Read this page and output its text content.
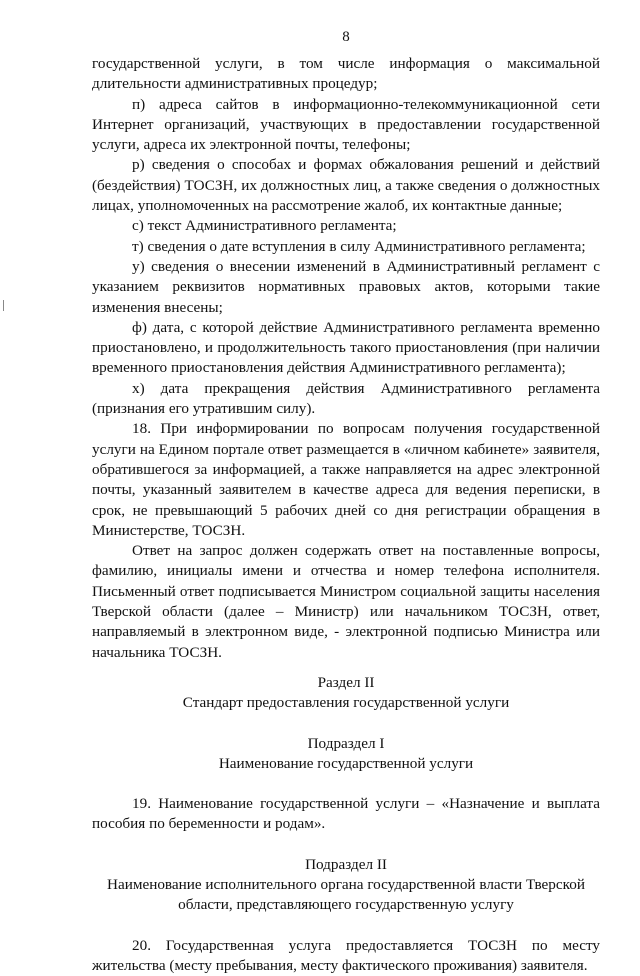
8

государственной услуги, в том числе информация о максимальной длительности административных процедур;

п) адреса сайтов в информационно-телекоммуникационной сети Интернет организаций, участвующих в предоставлении государственной услуги, адреса их электронной почты, телефоны;

р) сведения о способах и формах обжалования решений и действий (бездействия) ТОСЗН, их должностных лиц, а также сведения о должностных лицах, уполномоченных на рассмотрение жалоб, их контактные данные;

с) текст Административного регламента;

т) сведения о дате вступления в силу Административного регламента;

у) сведения о внесении изменений в Административный регламент с указанием реквизитов нормативных правовых актов, которыми такие изменения внесены;

ф) дата, с которой действие Административного регламента временно приостановлено, и продолжительность такого приостановления (при наличии временного приостановления действия Административного регламента);

х) дата прекращения действия Административного регламента (признания его утратившим силу).

18. При информировании по вопросам получения государственной услуги на Едином портале ответ размещается в «личном кабинете» заявителя, обратившегося за информацией, а также направляется на адрес электронной почты, указанный заявителем в качестве адреса для ведения переписки, в срок, не превышающий 5 рабочих дней со дня регистрации обращения в Министерстве, ТОСЗН.

Ответ на запрос должен содержать ответ на поставленные вопросы, фамилию, инициалы имени и отчества и номер телефона исполнителя. Письменный ответ подписывается Министром социальной защиты населения Тверской области (далее – Министр) или начальником ТОСЗН, ответ, направляемый в электронном виде, - электронной подписью Министра или начальника ТОСЗН.

Раздел II

Стандарт предоставления государственной услуги

Подраздел I

Наименование государственной услуги

19. Наименование государственной услуги – «Назначение и выплата пособия по беременности и родам».

Подраздел II

Наименование исполнительного органа государственной власти Тверской области, представляющего государственную услугу

20. Государственная услуга предоставляется ТОСЗН по месту жительства (месту пребывания, месту фактического проживания) заявителя.
